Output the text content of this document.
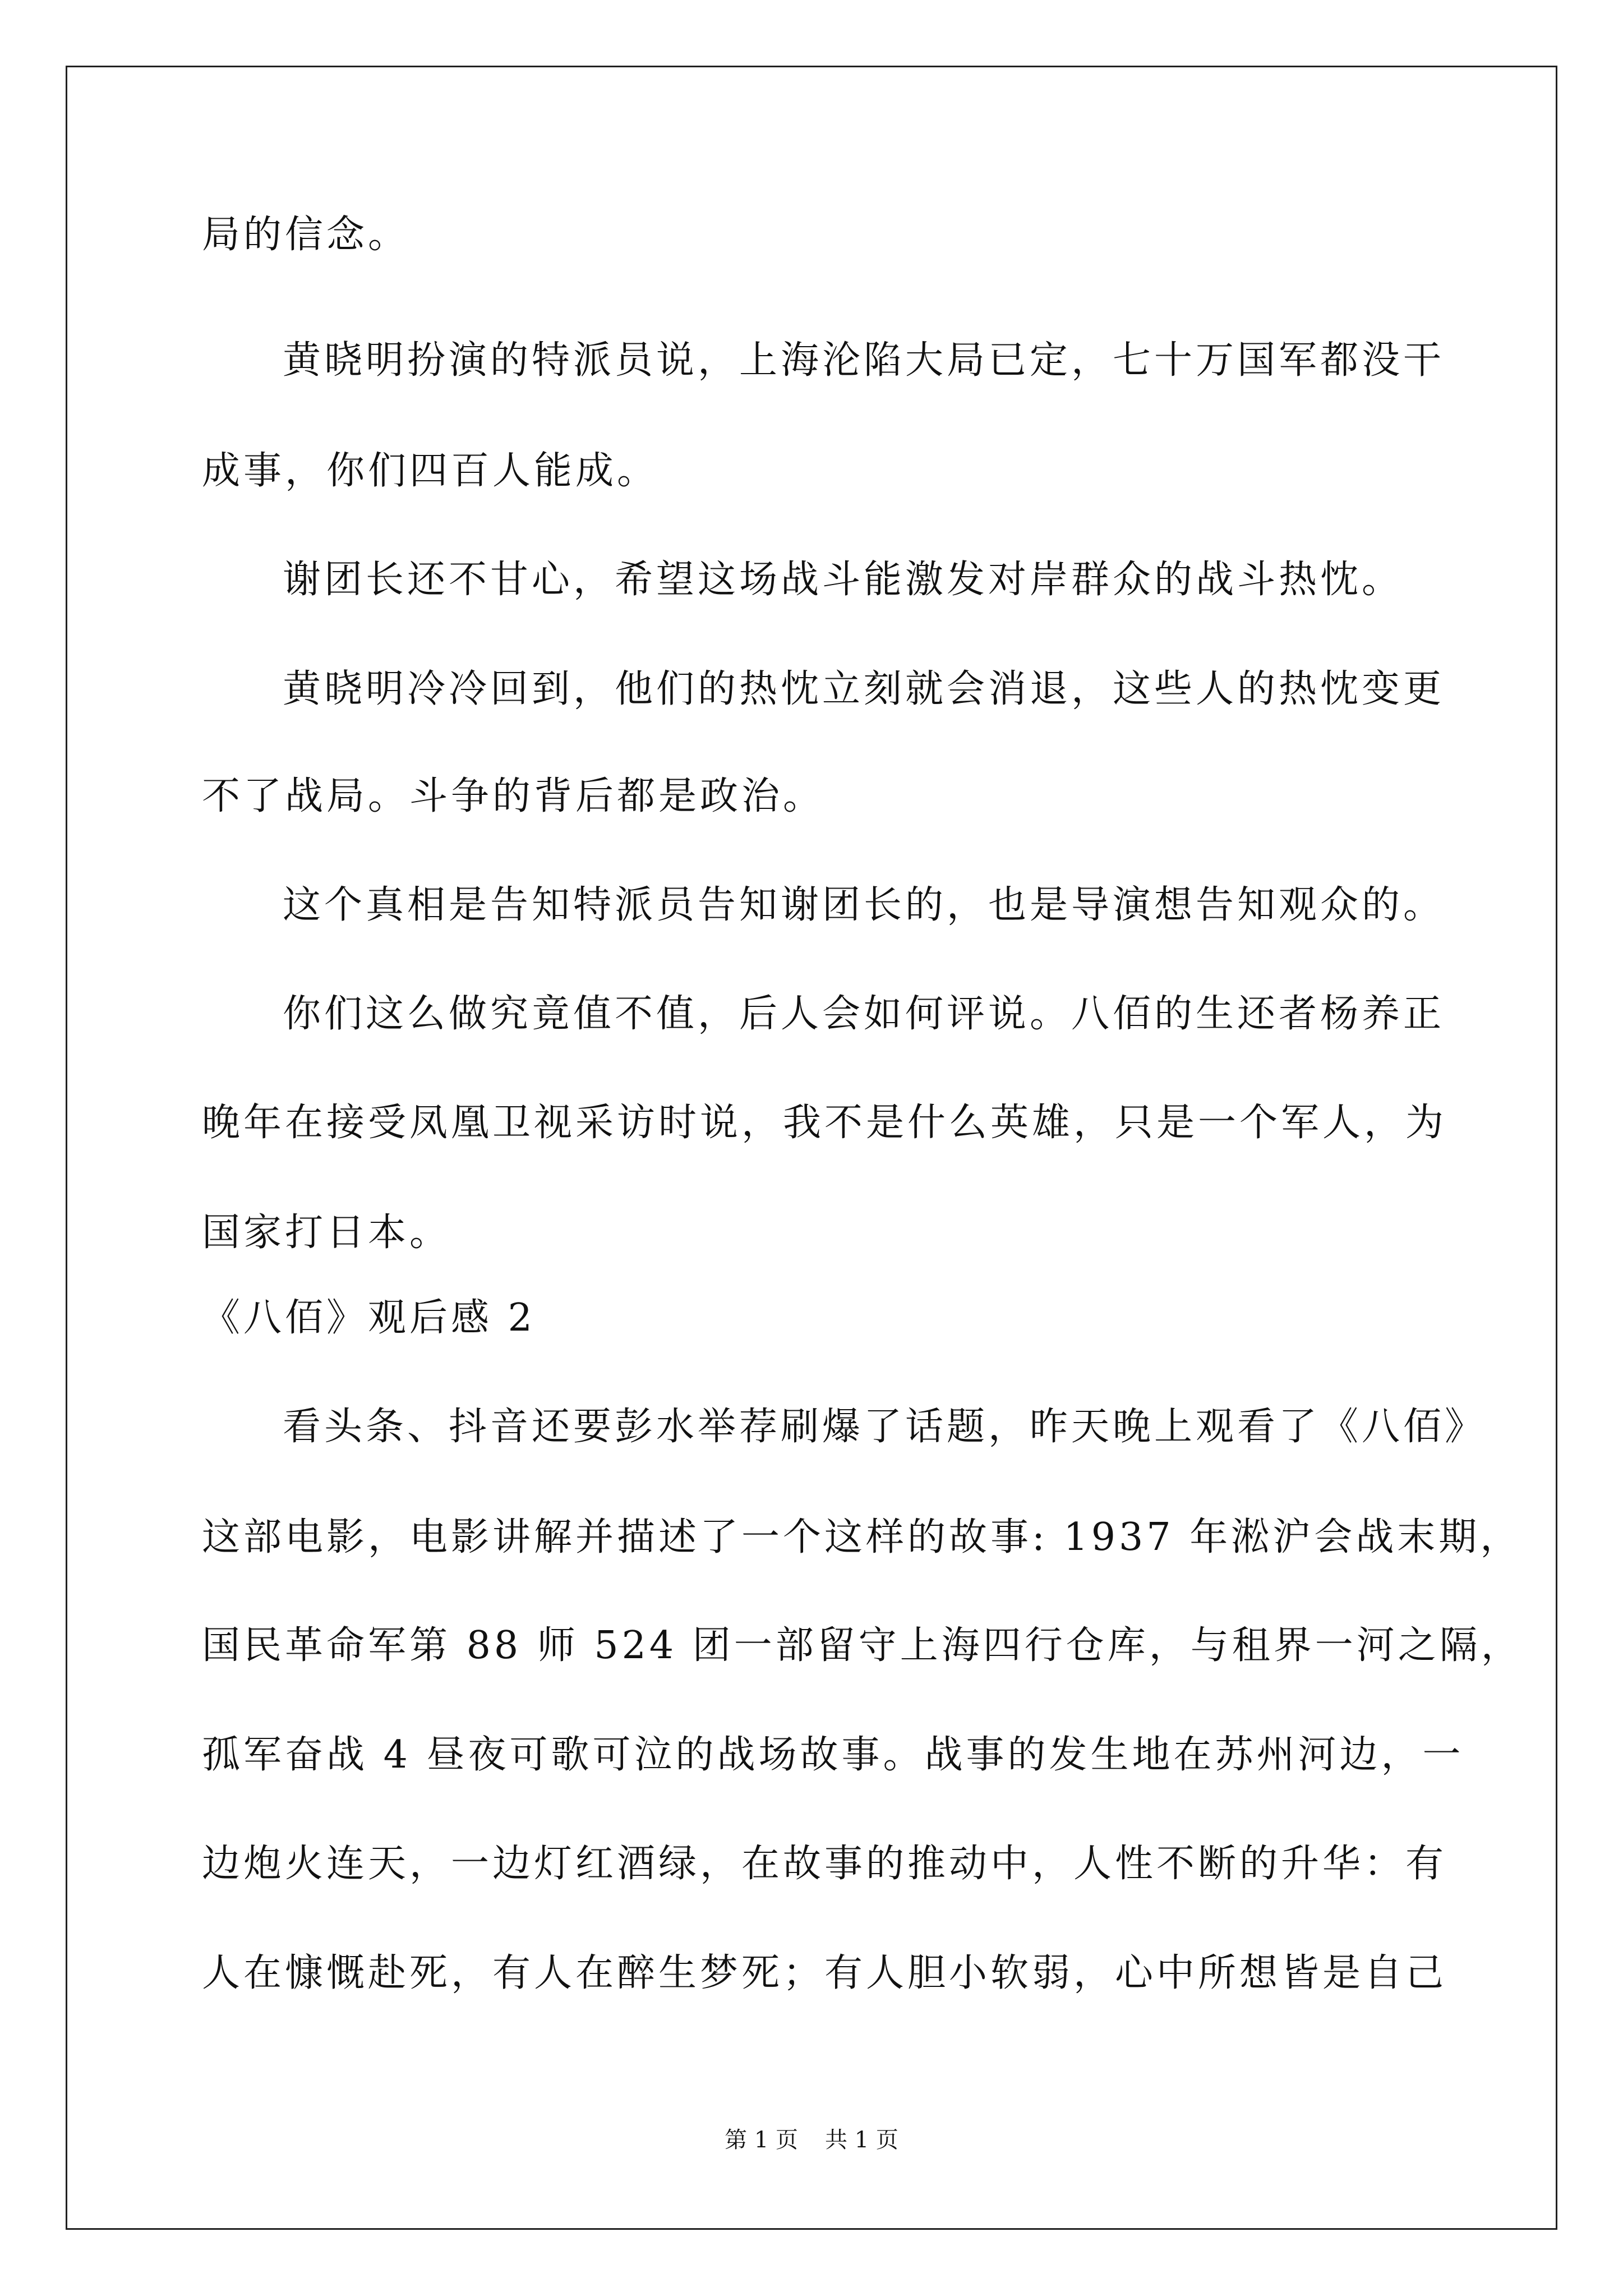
局的信念。
黄晓明扮演的特派员说，上海沦陷大局已定，七十万国军都没干
成事，你们四百人能成。
谢团长还不甘心，希望这场战斗能激发对岸群众的战斗热忱。
黄晓明冷冷回到，他们的热忱立刻就会消退，这些人的热忱变更
不了战局。斗争的背后都是政治。
这个真相是告知特派员告知谢团长的，也是导演想告知观众的。
你们这么做究竟值不值，后人会如何评说。八佰的生还者杨养正
晚年在接受凤凰卫视采访时说，我不是什么英雄，只是一个军人，为
国家打日本。
《八佰》观后感 2
看头条、抖音还要彭水举荐刷爆了话题，昨天晚上观看了《八佰》
这部电影，电影讲解并描述了一个这样的故事: 1937 年淞沪会战末期，
国民革命军第 88 师 524 团一部留守上海四行仓库，与租界一河之隔，
孤军奋战 4 昼夜可歌可泣的战场故事。战事的发生地在苏州河边，一
边炮火连天，一边灯红酒绿，在故事的推动中，人性不断的升华：有
人在慷慨赴死，有人在醉生梦死；有人胆小软弱，心中所想皆是自己
第 1 页 共 1 页
